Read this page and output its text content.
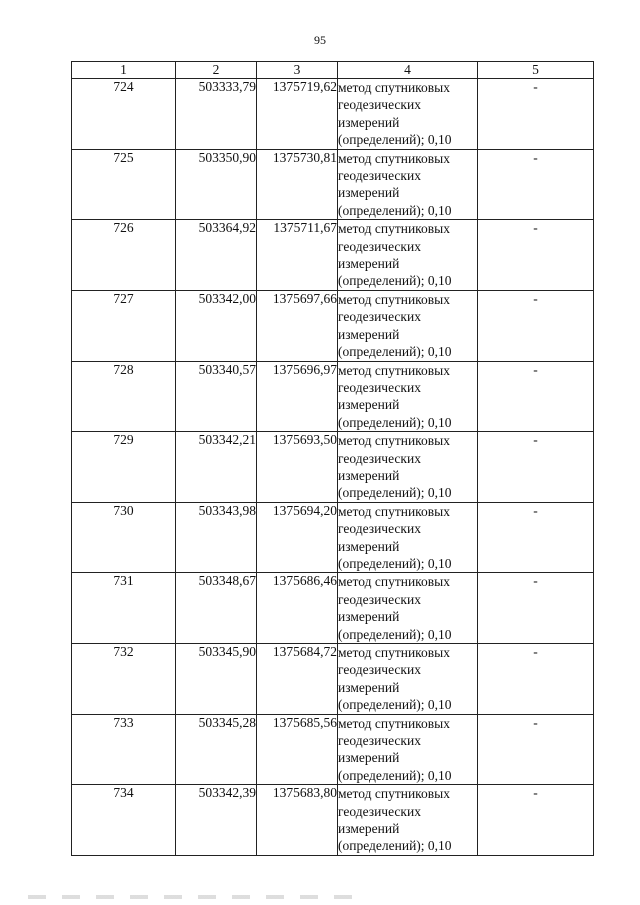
95
1	2	3	4	5
724	503333,79	1375719,62	метод спутниковых
геодезических
измерений
(определений); 0,10	-
725	503350,90	1375730,81	метод спутниковых
геодезических
измерений
(определений); 0,10	-
726	503364,92	1375711,67	метод спутниковых
геодезических
измерений
(определений); 0,10	-
727	503342,00	1375697,66	метод спутниковых
геодезических
измерений
(определений); 0,10	-
728	503340,57	1375696,97	метод спутниковых
геодезических
измерений
(определений); 0,10	-
729	503342,21	1375693,50	метод спутниковых
геодезических
измерений
(определений); 0,10	-
730	503343,98	1375694,20	метод спутниковых
геодезических
измерений
(определений); 0,10	-
731	503348,67	1375686,46	метод спутниковых
геодезических
измерений
(определений); 0,10	-
732	503345,90	1375684,72	метод спутниковых
геодезических
измерений
(определений); 0,10	-
733	503345,28	1375685,56	метод спутниковых
геодезических
измерений
(определений); 0,10	-
734	503342,39	1375683,80	метод спутниковых
геодезических
измерений
(определений); 0,10	-
